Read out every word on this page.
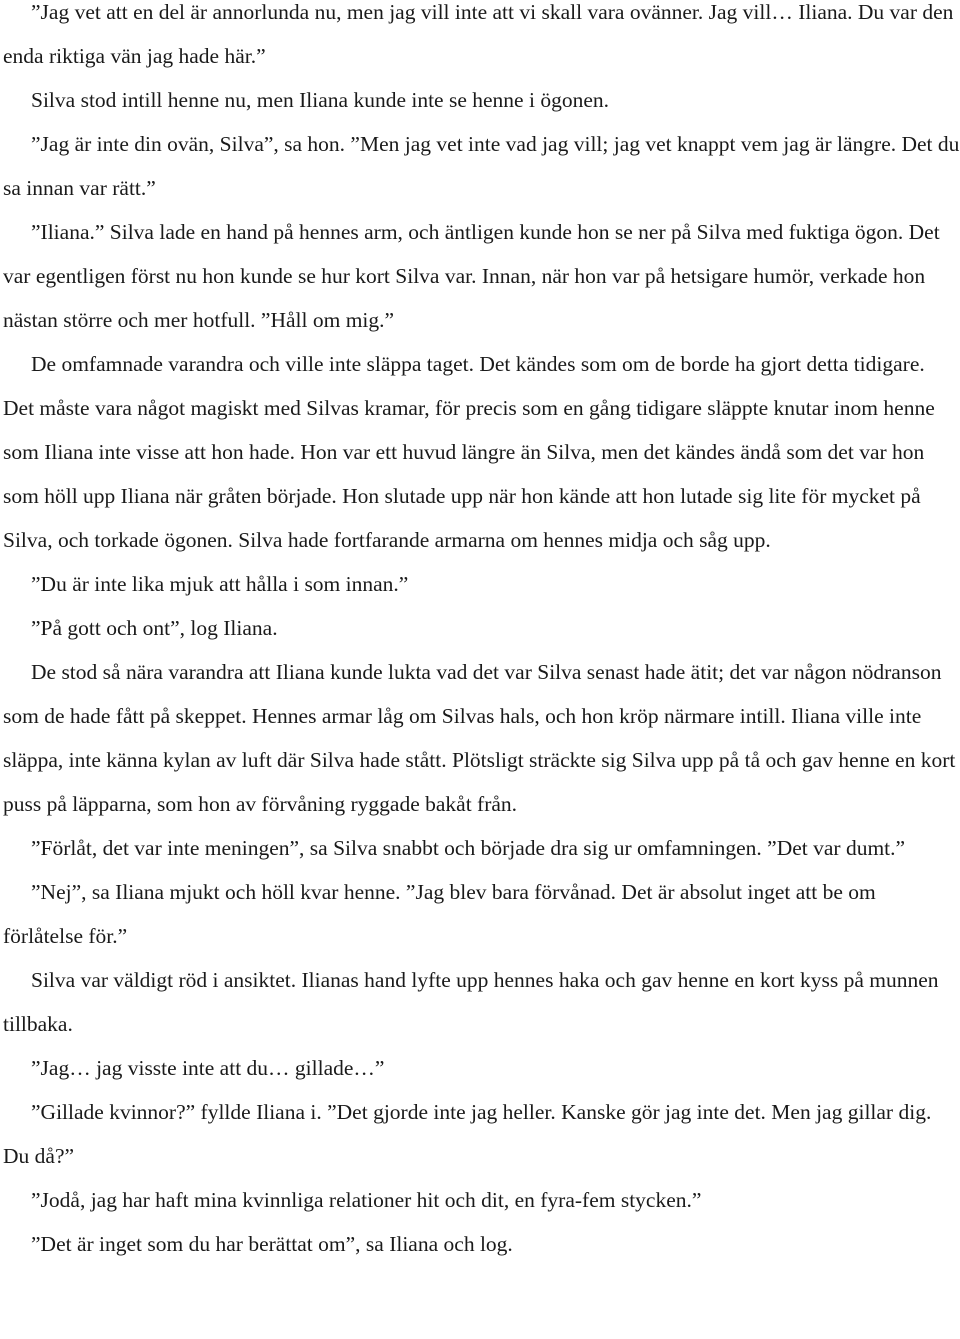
”Jag vet att en del är annorlunda nu, men jag vill inte att vi skall vara ovänner. Jag vill… Iliana. Du var den enda riktiga vän jag hade här.”

Silva stod intill henne nu, men Iliana kunde inte se henne i ögonen.

”Jag är inte din ovän, Silva”, sa hon. ”Men jag vet inte vad jag vill; jag vet knappt vem jag är längre. Det du sa innan var rätt.”

”Iliana.” Silva lade en hand på hennes arm, och äntligen kunde hon se ner på Silva med fuktiga ögon. Det var egentligen först nu hon kunde se hur kort Silva var. Innan, när hon var på hetsigare humör, verkade hon nästan större och mer hotfull. ”Håll om mig.”

De omfamnade varandra och ville inte släppa taget. Det kändes som om de borde ha gjort detta tidigare. Det måste vara något magiskt med Silvas kramar, för precis som en gång tidigare släppte knutar inom henne som Iliana inte visse att hon hade. Hon var ett huvud längre än Silva, men det kändes ändå som det var hon som höll upp Iliana när gråten började. Hon slutade upp när hon kände att hon lutade sig lite för mycket på Silva, och torkade ögonen. Silva hade fortfarande armarna om hennes midja och såg upp.

”Du är inte lika mjuk att hålla i som innan.”

”På gott och ont”, log Iliana.

De stod så nära varandra att Iliana kunde lukta vad det var Silva senast hade ätit; det var någon nödranson som de hade fått på skeppet. Hennes armar låg om Silvas hals, och hon kröp närmare intill. Iliana ville inte släppa, inte känna kylan av luft där Silva hade stått. Plötsligt sträckte sig Silva upp på tå och gav henne en kort puss på läpparna, som hon av förvåning ryggade bakåt från.

”Förlåt, det var inte meningen”, sa Silva snabbt och började dra sig ur omfamningen. ”Det var dumt.”

”Nej”, sa Iliana mjukt och höll kvar henne. ”Jag blev bara förvånad. Det är absolut inget att be om förlåtelse för.”

Silva var väldigt röd i ansiktet. Ilianas hand lyfte upp hennes haka och gav henne en kort kyss på munnen tillbaka.

”Jag… jag visste inte att du… gillade…”

”Gillade kvinnor?” fyllde Iliana i. ”Det gjorde inte jag heller. Kanske gör jag inte det. Men jag gillar dig. Du då?”

”Jodå, jag har haft mina kvinnliga relationer hit och dit, en fyra-fem stycken.”

”Det är inget som du har berättat om”, sa Iliana och log.
